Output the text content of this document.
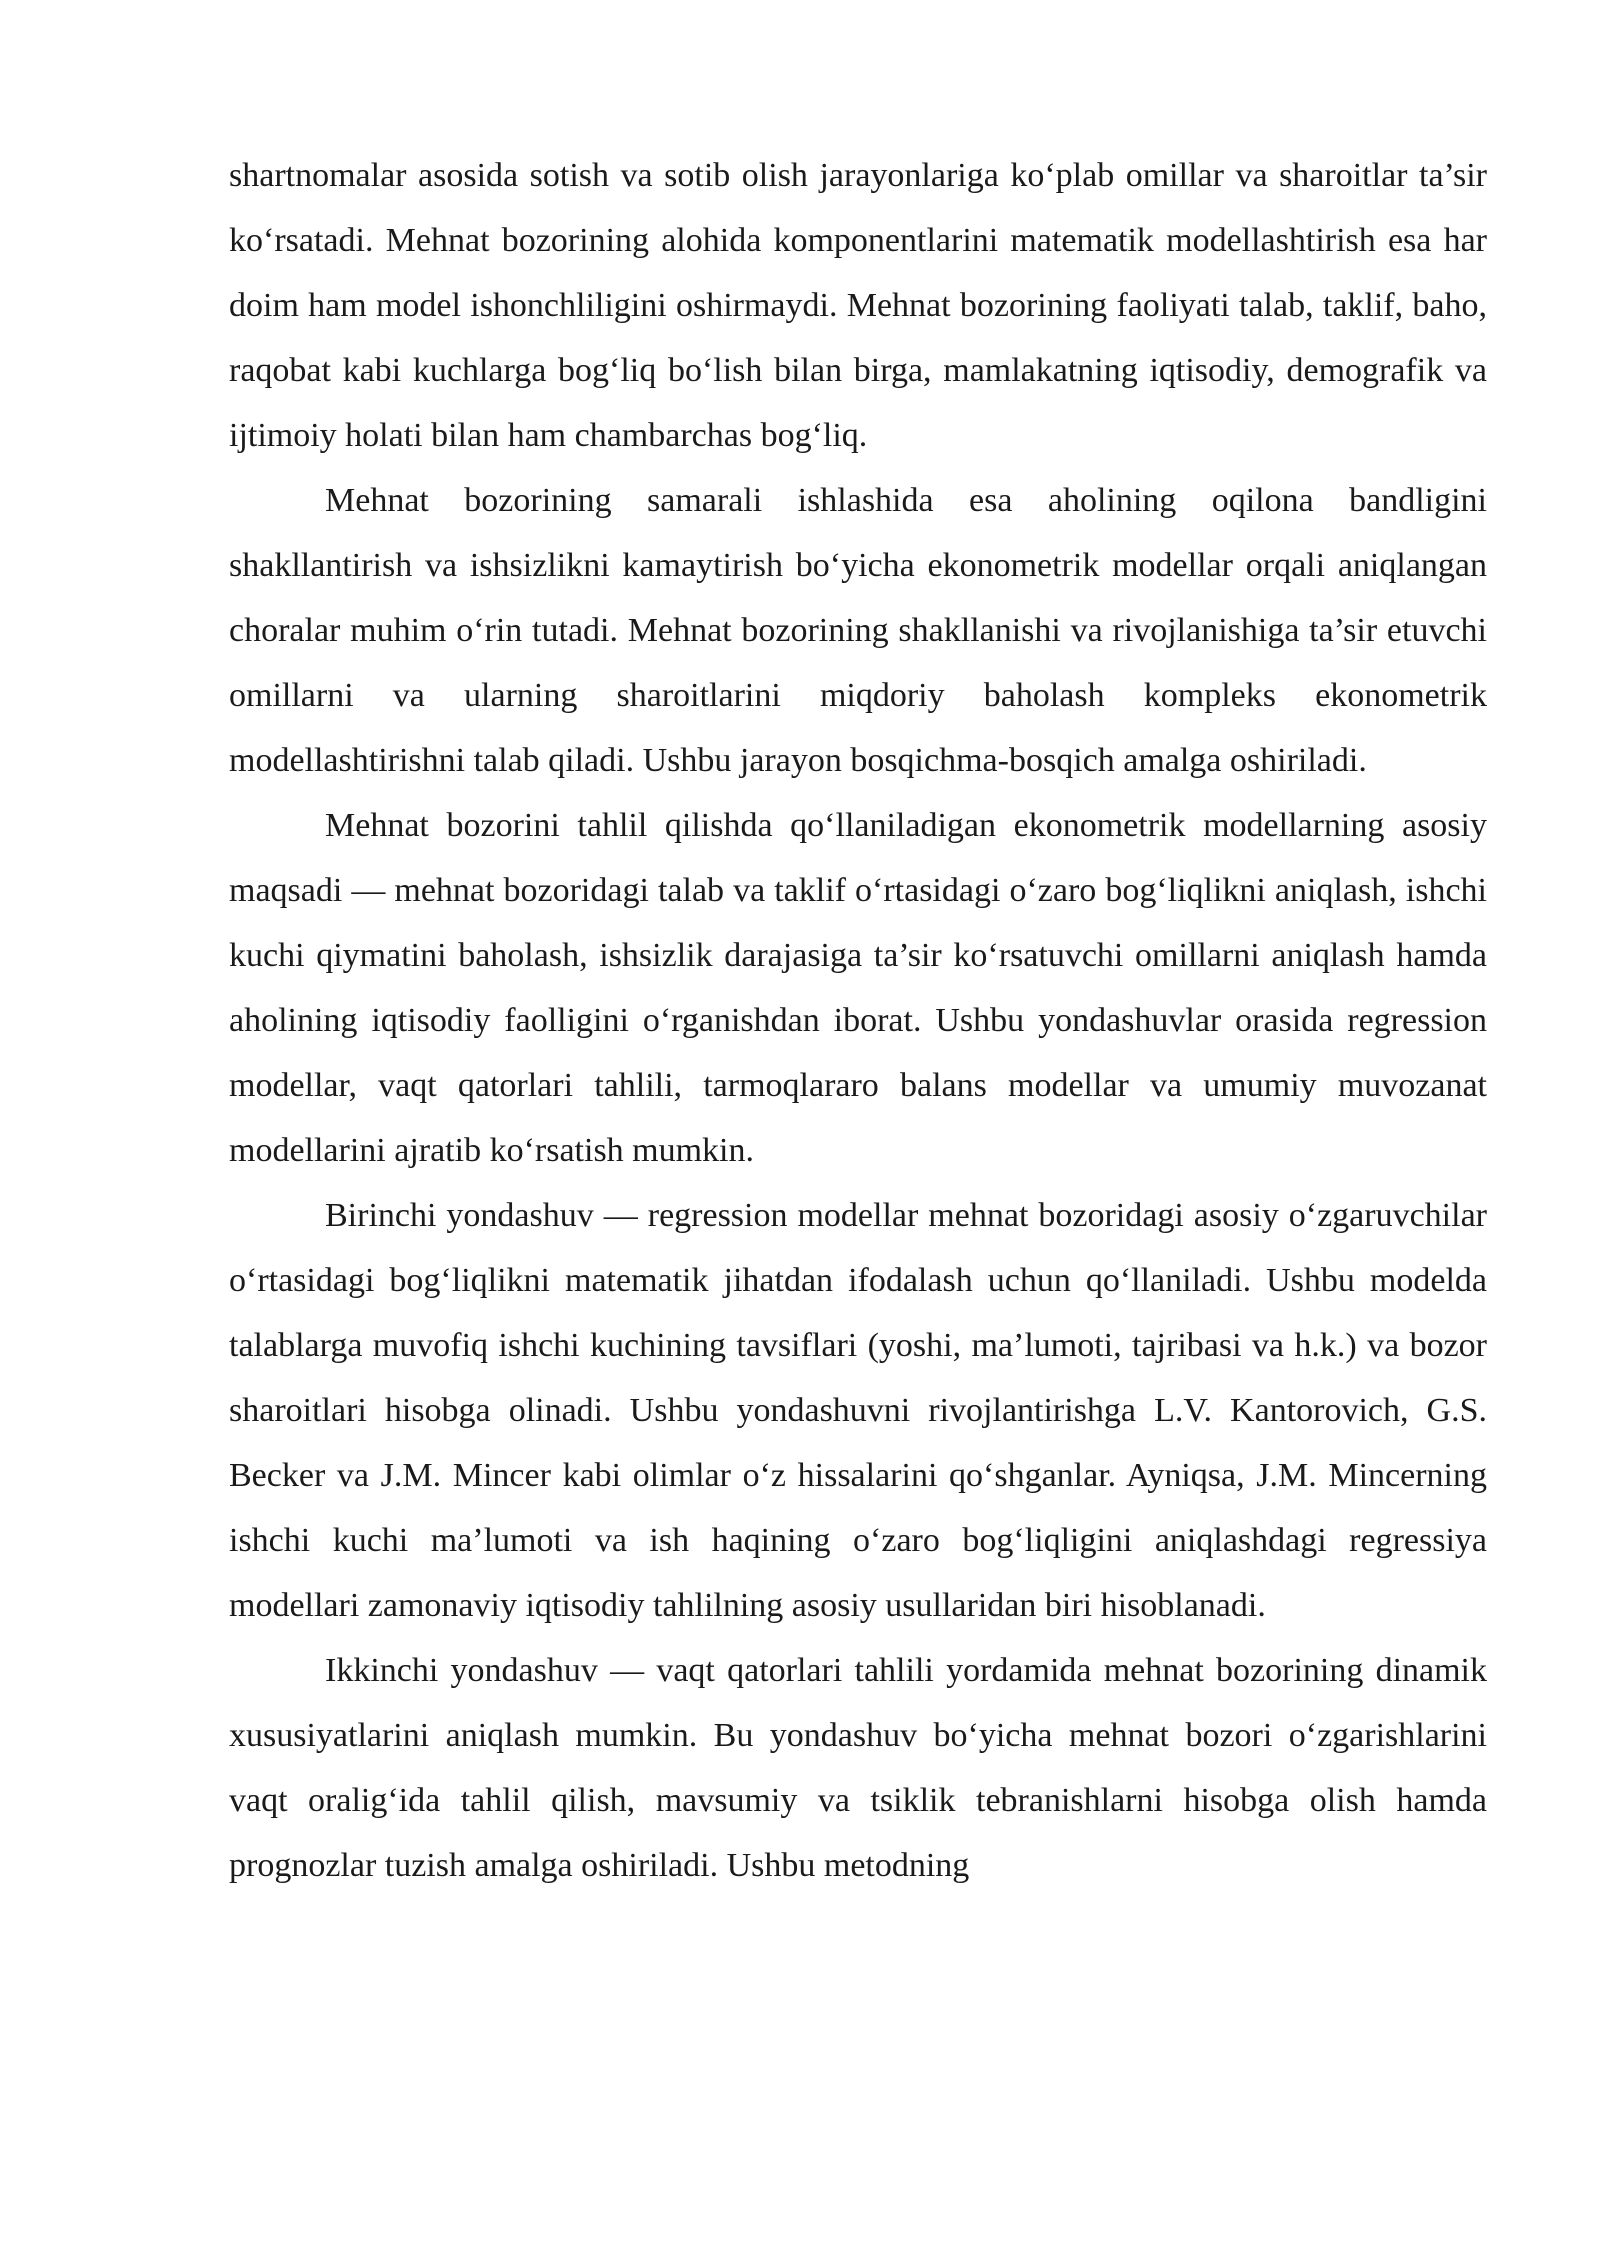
shartnomalar asosida sotish va sotib olish jarayonlariga ko‘plab omillar va sharoitlar ta’sir ko‘rsatadi. Mehnat bozorining alohida komponentlarini matematik modellashtirish esa har doim ham model ishonchliligini oshirmaydi. Mehnat bozorining faoliyati talab, taklif, baho, raqobat kabi kuchlarga bog‘liq bo‘lish bilan birga, mamlakatning iqtisodiy, demografik va ijtimoiy holati bilan ham chambarchas bog‘liq.

Mehnat bozorining samarali ishlashida esa aholining oqilona bandligini shakllantirish va ishsizlikni kamaytirish bo‘yicha ekonometrik modellar orqali aniqlangan choralar muhim o‘rin tutadi. Mehnat bozorining shakllanishi va rivojlanishiga ta’sir etuvchi omillarni va ularning sharoitlarini miqdoriy baholash kompleks ekonometrik modellashtirishni talab qiladi. Ushbu jarayon bosqichma-bosqich amalga oshiriladi.

Mehnat bozorini tahlil qilishda qo‘llaniladigan ekonometrik modellarning asosiy maqsadi — mehnat bozoridagi talab va taklif o‘rtasidagi o‘zaro bog‘liqlikni aniqlash, ishchi kuchi qiymatini baholash, ishsizlik darajasiga ta’sir ko‘rsatuvchi omillarni aniqlash hamda aholining iqtisodiy faolligini o‘rganishdan iborat. Ushbu yondashuvlar orasida regression modellar, vaqt qatorlari tahlili, tarmoqlararo balans modellar va umumiy muvozanat modellarini ajratib ko‘rsatish mumkin.

Birinchi yondashuv — regression modellar mehnat bozoridagi asosiy o‘zgaruvchilar o‘rtasidagi bog‘liqlikni matematik jihatdan ifodalash uchun qo‘llaniladi. Ushbu modelda talablarga muvofiq ishchi kuchining tavsiflari (yoshi, ma’lumoti, tajribasi va h.k.) va bozor sharoitlari hisobga olinadi. Ushbu yondashuvni rivojlantirishga L.V. Kantorovich, G.S. Becker va J.M. Mincer kabi olimlar o‘z hissalarini qo‘shganlar. Ayniqsa, J.M. Mincerning ishchi kuchi ma’lumoti va ish haqining o‘zaro bog‘liqligini aniqlashdagi regressiya modellari zamonaviy iqtisodiy tahlilning asosiy usullaridan biri hisoblanadi.

Ikkinchi yondashuv — vaqt qatorlari tahlili yordamida mehnat bozorining dinamik xususiyatlarini aniqlash mumkin. Bu yondashuv bo‘yicha mehnat bozori o‘zgarishlarini vaqt oralig‘ida tahlil qilish, mavsumiy va tsiklik tebranishlarni hisobga olish hamda prognozlar tuzish amalga oshiriladi. Ushbu metodning
